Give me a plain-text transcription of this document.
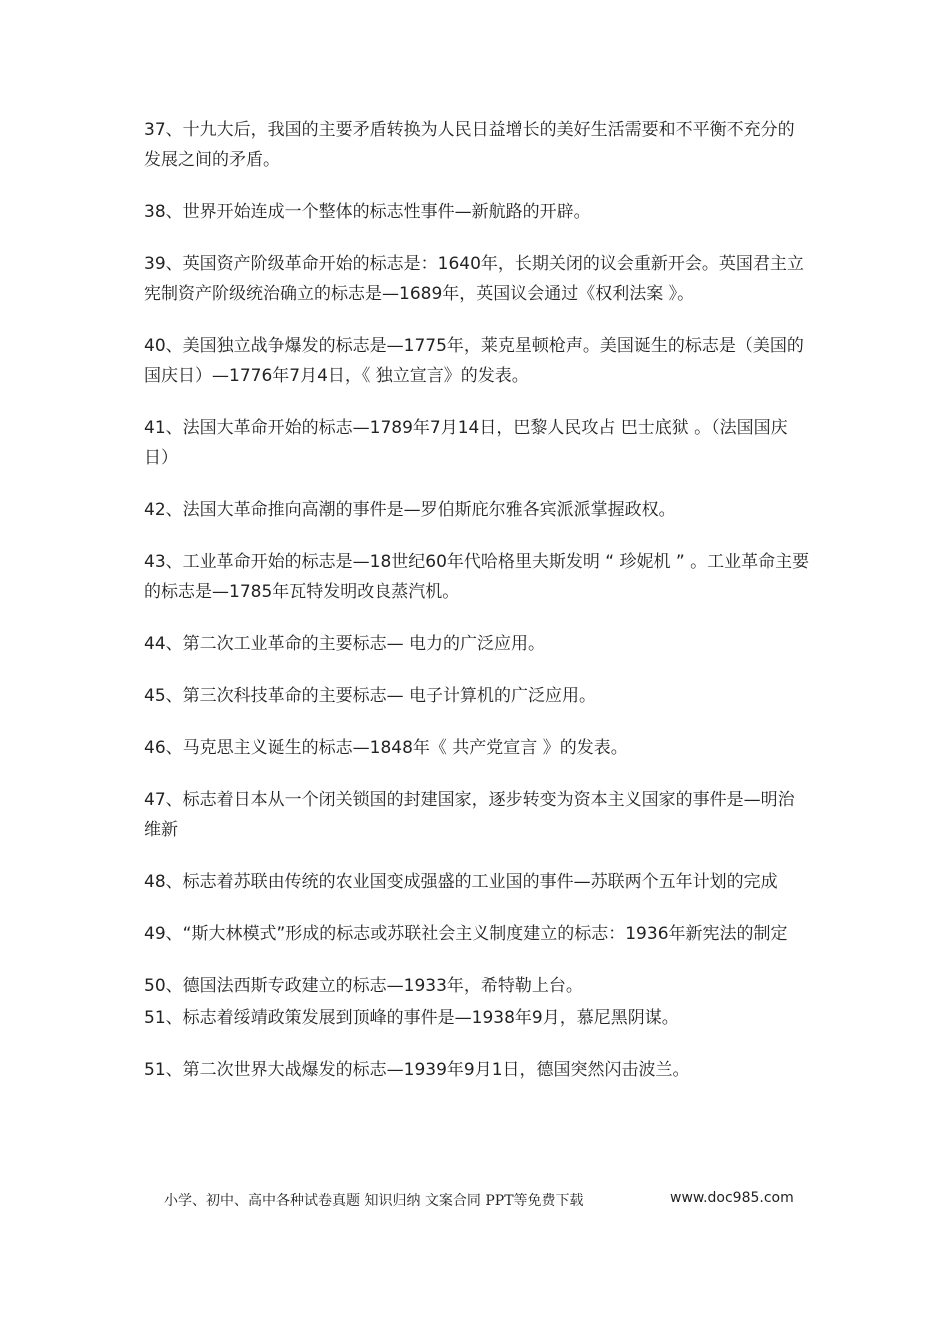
37、十九大后，我国的主要矛盾转换为人民日益增长的美好生活需要和不平衡不充分的发展之间的矛盾。

38、世界开始连成一个整体的标志性事件—新航路的开辟。

39、英国资产阶级革命开始的标志是：1640年，长期关闭的议会重新开会。英国君主立宪制资产阶级统治确立的标志是—1689年，英国议会通过《权利法案 》。

40、美国独立战争爆发的标志是—1775年，莱克星顿枪声。美国诞生的标志是（美国的国庆日）—1776年7月4日，《 独立宣言》的发表。

41、法国大革命开始的标志—1789年7月14日，巴黎人民攻占 巴士底狱 。（法国国庆日）

42、法国大革命推向高潮的事件是—罗伯斯庇尔雅各宾派派掌握政权。

43、工业革命开始的标志是—18世纪60年代哈格里夫斯发明 “ 珍妮机 ” 。工业革命主要的标志是—1785年瓦特发明改良蒸汽机。

44、第二次工业革命的主要标志— 电力的广泛应用。

45、第三次科技革命的主要标志— 电子计算机的广泛应用。

46、马克思主义诞生的标志—1848年《 共产党宣言 》的发表。

47、标志着日本从一个闭关锁国的封建国家，逐步转变为资本主义国家的事件是—明治维新

48、标志着苏联由传统的农业国变成强盛的工业国的事件—苏联两个五年计划的完成

49、“斯大林模式”形成的标志或苏联社会主义制度建立的标志：1936年新宪法的制定

50、德国法西斯专政建立的标志—1933年，希特勒上台。

51、标志着绥靖政策发展到顶峰的事件是—1938年9月，慕尼黑阴谋。

51、第二次世界大战爆发的标志—1939年9月1日，德国突然闪击波兰。

小学、初中、高中各种试卷真题 知识归纳 文案合同 PPT等免费下载	www.doc985.com
